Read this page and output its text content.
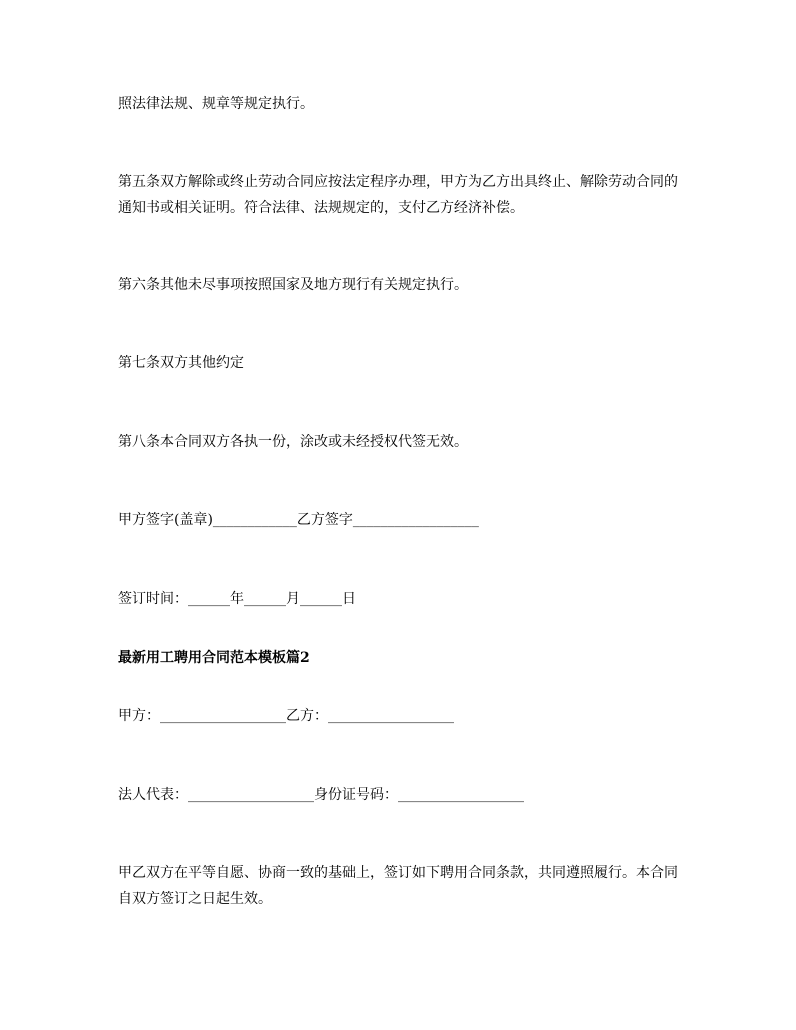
照法律法规、规章等规定执行。

第五条双方解除或终止劳动合同应按法定程序办理，甲方为乙方出具终止、解除劳动合同的通知书或相关证明。符合法律、法规规定的，支付乙方经济补偿。

第六条其他未尽事项按照国家及地方现行有关规定执行。

第七条双方其他约定

第八条本合同双方各执一份，涂改或未经授权代签无效。

甲方签字(盖章)____________乙方签字__________________

签订时间：______年______月______日

最新用工聘用合同范本模板篇2

甲方：__________________乙方：__________________

法人代表：__________________身份证号码：__________________

甲乙双方在平等自愿、协商一致的基础上，签订如下聘用合同条款，共同遵照履行。本合同自双方签订之日起生效。
